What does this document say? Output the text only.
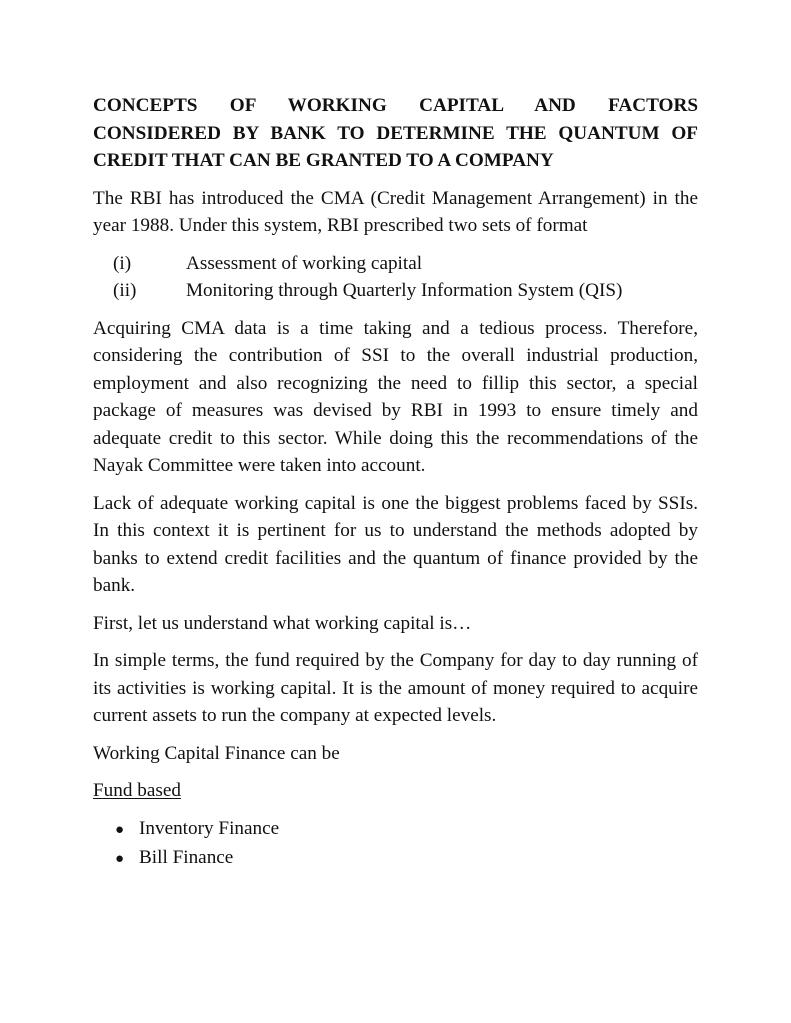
CONCEPTS OF WORKING CAPITAL AND FACTORS
CONSIDERED BY BANK TO DETERMINE THE QUANTUM OF
CREDIT THAT CAN BE GRANTED TO A COMPANY

The RBI has introduced the CMA (Credit Management Arrangement) in the year 1988. Under this system, RBI prescribed two sets of format

(i)	Assessment of working capital
(ii)	Monitoring through Quarterly Information System (QIS)

Acquiring CMA data is a time taking and a tedious process. Therefore, considering the contribution of SSI to the overall industrial production, employment and also recognizing the need to fillip this sector, a special package of measures was devised by RBI in 1993 to ensure timely and adequate credit to this sector. While doing this the recommendations of the Nayak Committee were taken into account.

Lack of adequate working capital is one the biggest problems faced by SSIs. In this context it is pertinent for us to understand the methods adopted by banks to extend credit facilities and the quantum of finance provided by the bank.

First, let us understand what working capital is…

In simple terms, the fund required by the Company for day to day running of its activities is working capital. It is the amount of money required to acquire current assets to run the company at expected levels.

Working Capital Finance can be

Fund based

● Inventory Finance
● Bill Finance
